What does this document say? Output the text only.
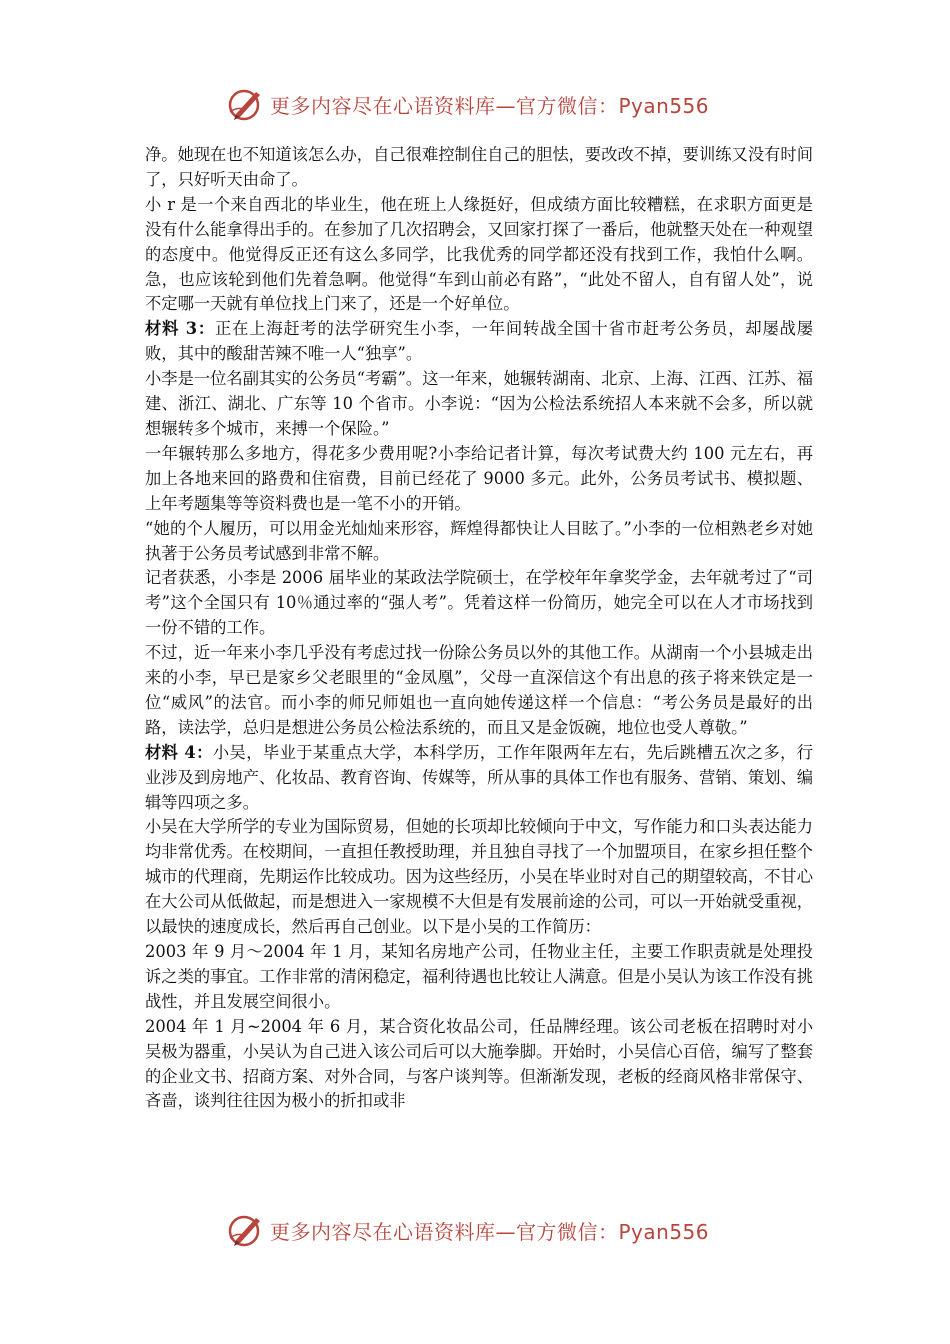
更多内容尽在心语资料库—官方微信：Pyan556

净。她现在也不知道该怎么办，自己很难控制住自己的胆怯，要改改不掉，要训练又没有时间了，只好听天由命了。

小 r 是一个来自西北的毕业生，他在班上人缘挺好，但成绩方面比较糟糕，在求职方面更是没有什么能拿得出手的。在参加了几次招聘会，又回家打探了一番后，他就整天处在一种观望的态度中。他觉得反正还有这么多同学，比我优秀的同学都还没有找到工作，我怕什么啊。急，也应该轮到他们先着急啊。他觉得“车到山前必有路”，“此处不留人，自有留人处”，说不定哪一天就有单位找上门来了，还是一个好单位。

材料 3：正在上海赶考的法学研究生小李，一年间转战全国十省市赶考公务员，却屡战屡败，其中的酸甜苦辣不唯一人“独享”。

小李是一位名副其实的公务员“考霸”。这一年来，她辗转湖南、北京、上海、江西、江苏、福建、浙江、湖北、广东等 10 个省市。小李说：“因为公检法系统招人本来就不会多，所以就想辗转多个城市，来搏一个保险。”

一年辗转那么多地方，得花多少费用呢?小李给记者计算，每次考试费大约 100 元左右，再加上各地来回的路费和住宿费，目前已经花了 9000 多元。此外，公务员考试书、模拟题、上年考题集等等资料费也是一笔不小的开销。

“她的个人履历，可以用金光灿灿来形容，辉煌得都快让人目眩了。”小李的一位相熟老乡对她执著于公务员考试感到非常不解。

记者获悉，小李是 2006 届毕业的某政法学院硕士，在学校年年拿奖学金，去年就考过了“司考”这个全国只有 10％通过率的“强人考”。凭着这样一份简历，她完全可以在人才市场找到一份不错的工作。

不过，近一年来小李几乎没有考虑过找一份除公务员以外的其他工作。从湖南一个小县城走出来的小李，早已是家乡父老眼里的“金凤凰”，父母一直深信这个有出息的孩子将来铁定是一位“威风”的法官。而小李的师兄师姐也一直向她传递这样一个信息：“考公务员是最好的出路，读法学，总归是想进公务员公检法系统的，而且又是金饭碗，地位也受人尊敬。”

材料 4：小吴，毕业于某重点大学，本科学历，工作年限两年左右，先后跳槽五次之多，行业涉及到房地产、化妆品、教育咨询、传媒等，所从事的具体工作也有服务、营销、策划、编辑等四项之多。

小吴在大学所学的专业为国际贸易，但她的长项却比较倾向于中文，写作能力和口头表达能力均非常优秀。在校期间，一直担任教授助理，并且独自寻找了一个加盟项目，在家乡担任整个城市的代理商，先期运作比较成功。因为这些经历，小吴在毕业时对自己的期望较高，不甘心在大公司从低做起，而是想进入一家规模不大但是有发展前途的公司，可以一开始就受重视，以最快的速度成长，然后再自己创业。以下是小吴的工作简历：

2003 年 9 月～2004 年 1 月，某知名房地产公司，任物业主任，主要工作职责就是处理投诉之类的事宜。工作非常的清闲稳定，福利待遇也比较让人满意。但是小吴认为该工作没有挑战性，并且发展空间很小。

2004 年 1 月~2004 年 6 月，某合资化妆品公司，任品牌经理。该公司老板在招聘时对小吴极为器重，小吴认为自己进入该公司后可以大施拳脚。开始时，小吴信心百倍，编写了整套的企业文书、招商方案、对外合同，与客户谈判等。但渐渐发现，老板的经商风格非常保守、吝啬，谈判往往因为极小的折扣或非

更多内容尽在心语资料库—官方微信：Pyan556
